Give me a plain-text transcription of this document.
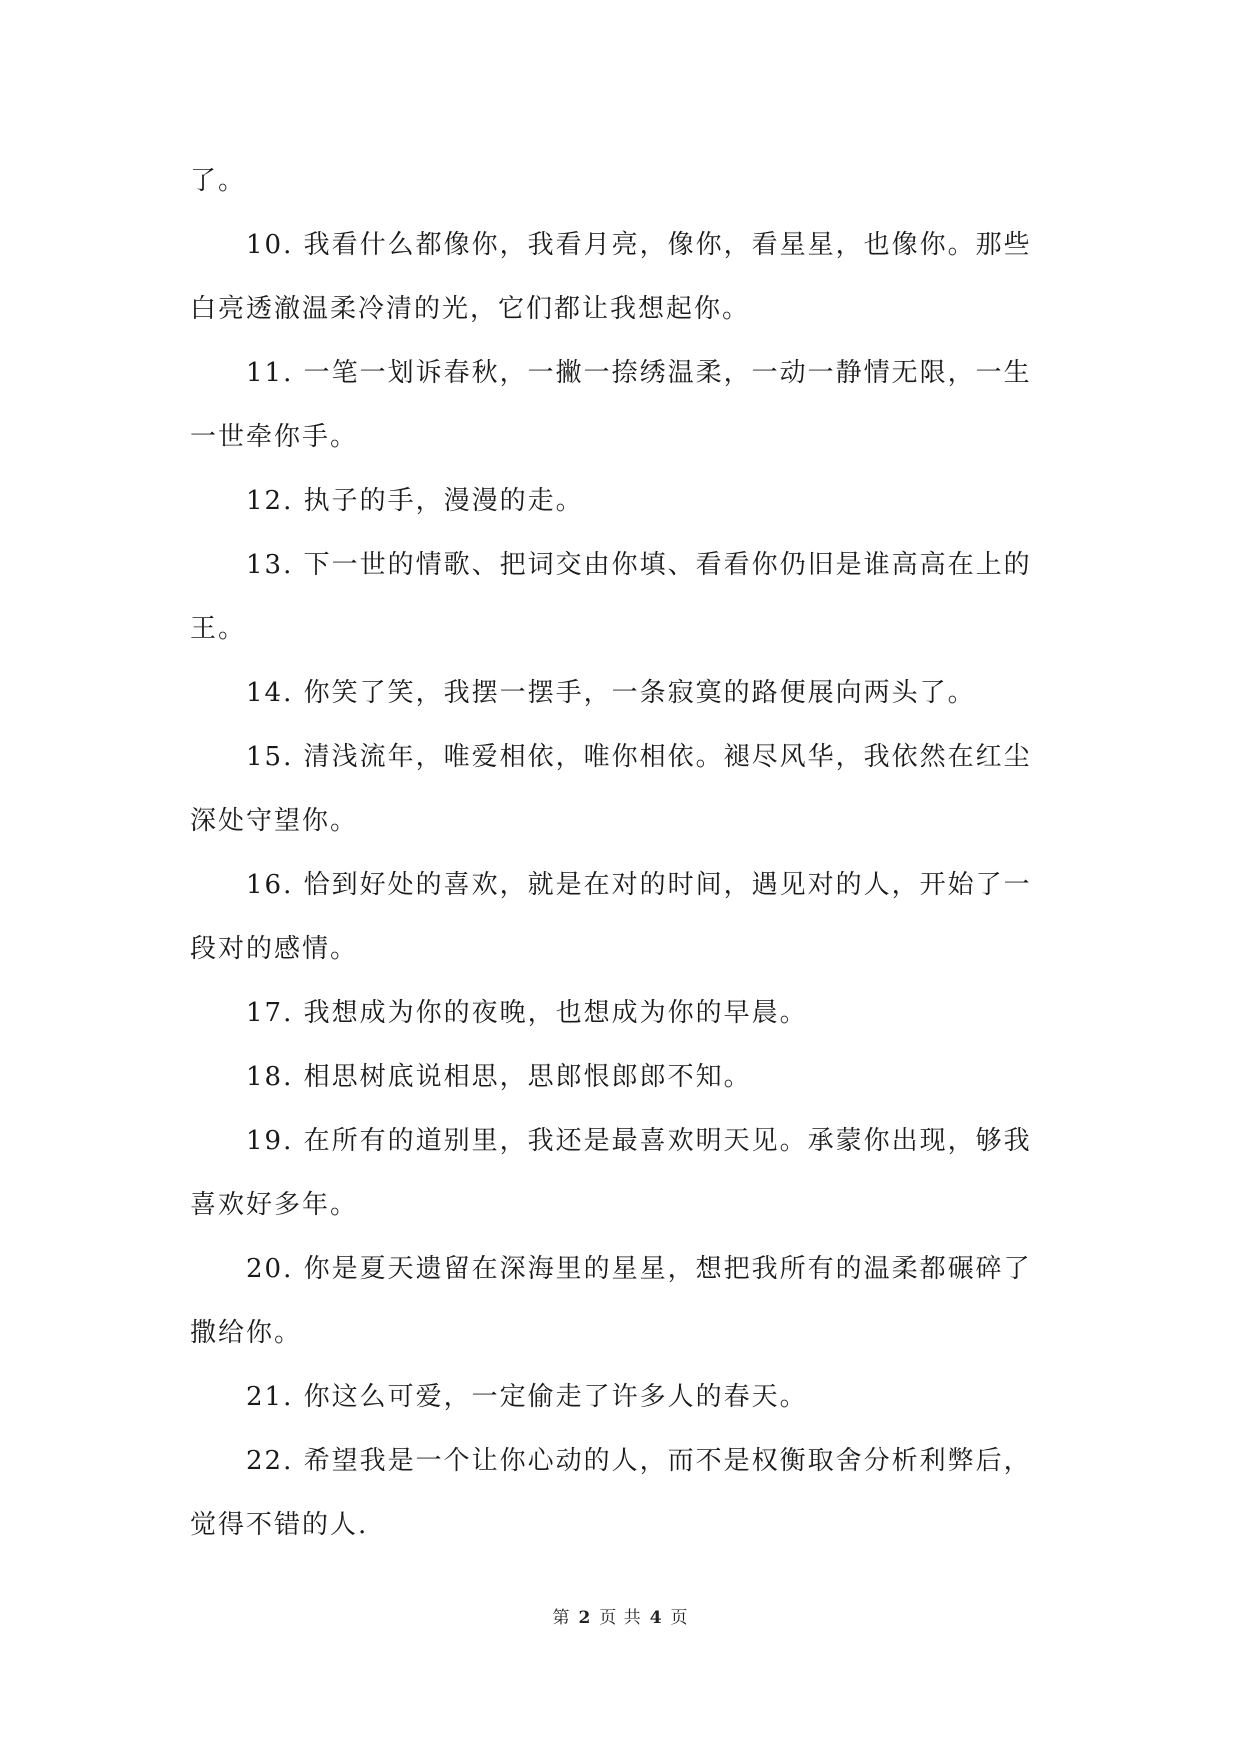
了。
10. 我看什么都像你，我看月亮，像你，看星星，也像你。那些
白亮透澈温柔冷清的光，它们都让我想起你。
11. 一笔一划诉春秋，一撇一捺绣温柔，一动一静情无限，一生
一世牵你手。
12. 执子的手，漫漫的走。
13. 下一世的情歌、把词交由你填、看看你仍旧是谁高高在上的
王。
14. 你笑了笑，我摆一摆手，一条寂寞的路便展向两头了。
15. 清浅流年，唯爱相依，唯你相依。褪尽风华，我依然在红尘
深处守望你。
16. 恰到好处的喜欢，就是在对的时间，遇见对的人，开始了一
段对的感情。
17. 我想成为你的夜晚，也想成为你的早晨。
18. 相思树底说相思，思郎恨郎郎不知。
19. 在所有的道别里，我还是最喜欢明天见。承蒙你出现，够我
喜欢好多年。
20. 你是夏天遗留在深海里的星星，想把我所有的温柔都碾碎了
撒给你。
21. 你这么可爱，一定偷走了许多人的春天。
22. 希望我是一个让你心动的人，而不是权衡取舍分析利弊后，
觉得不错的人.
第 2 页 共 4 页
